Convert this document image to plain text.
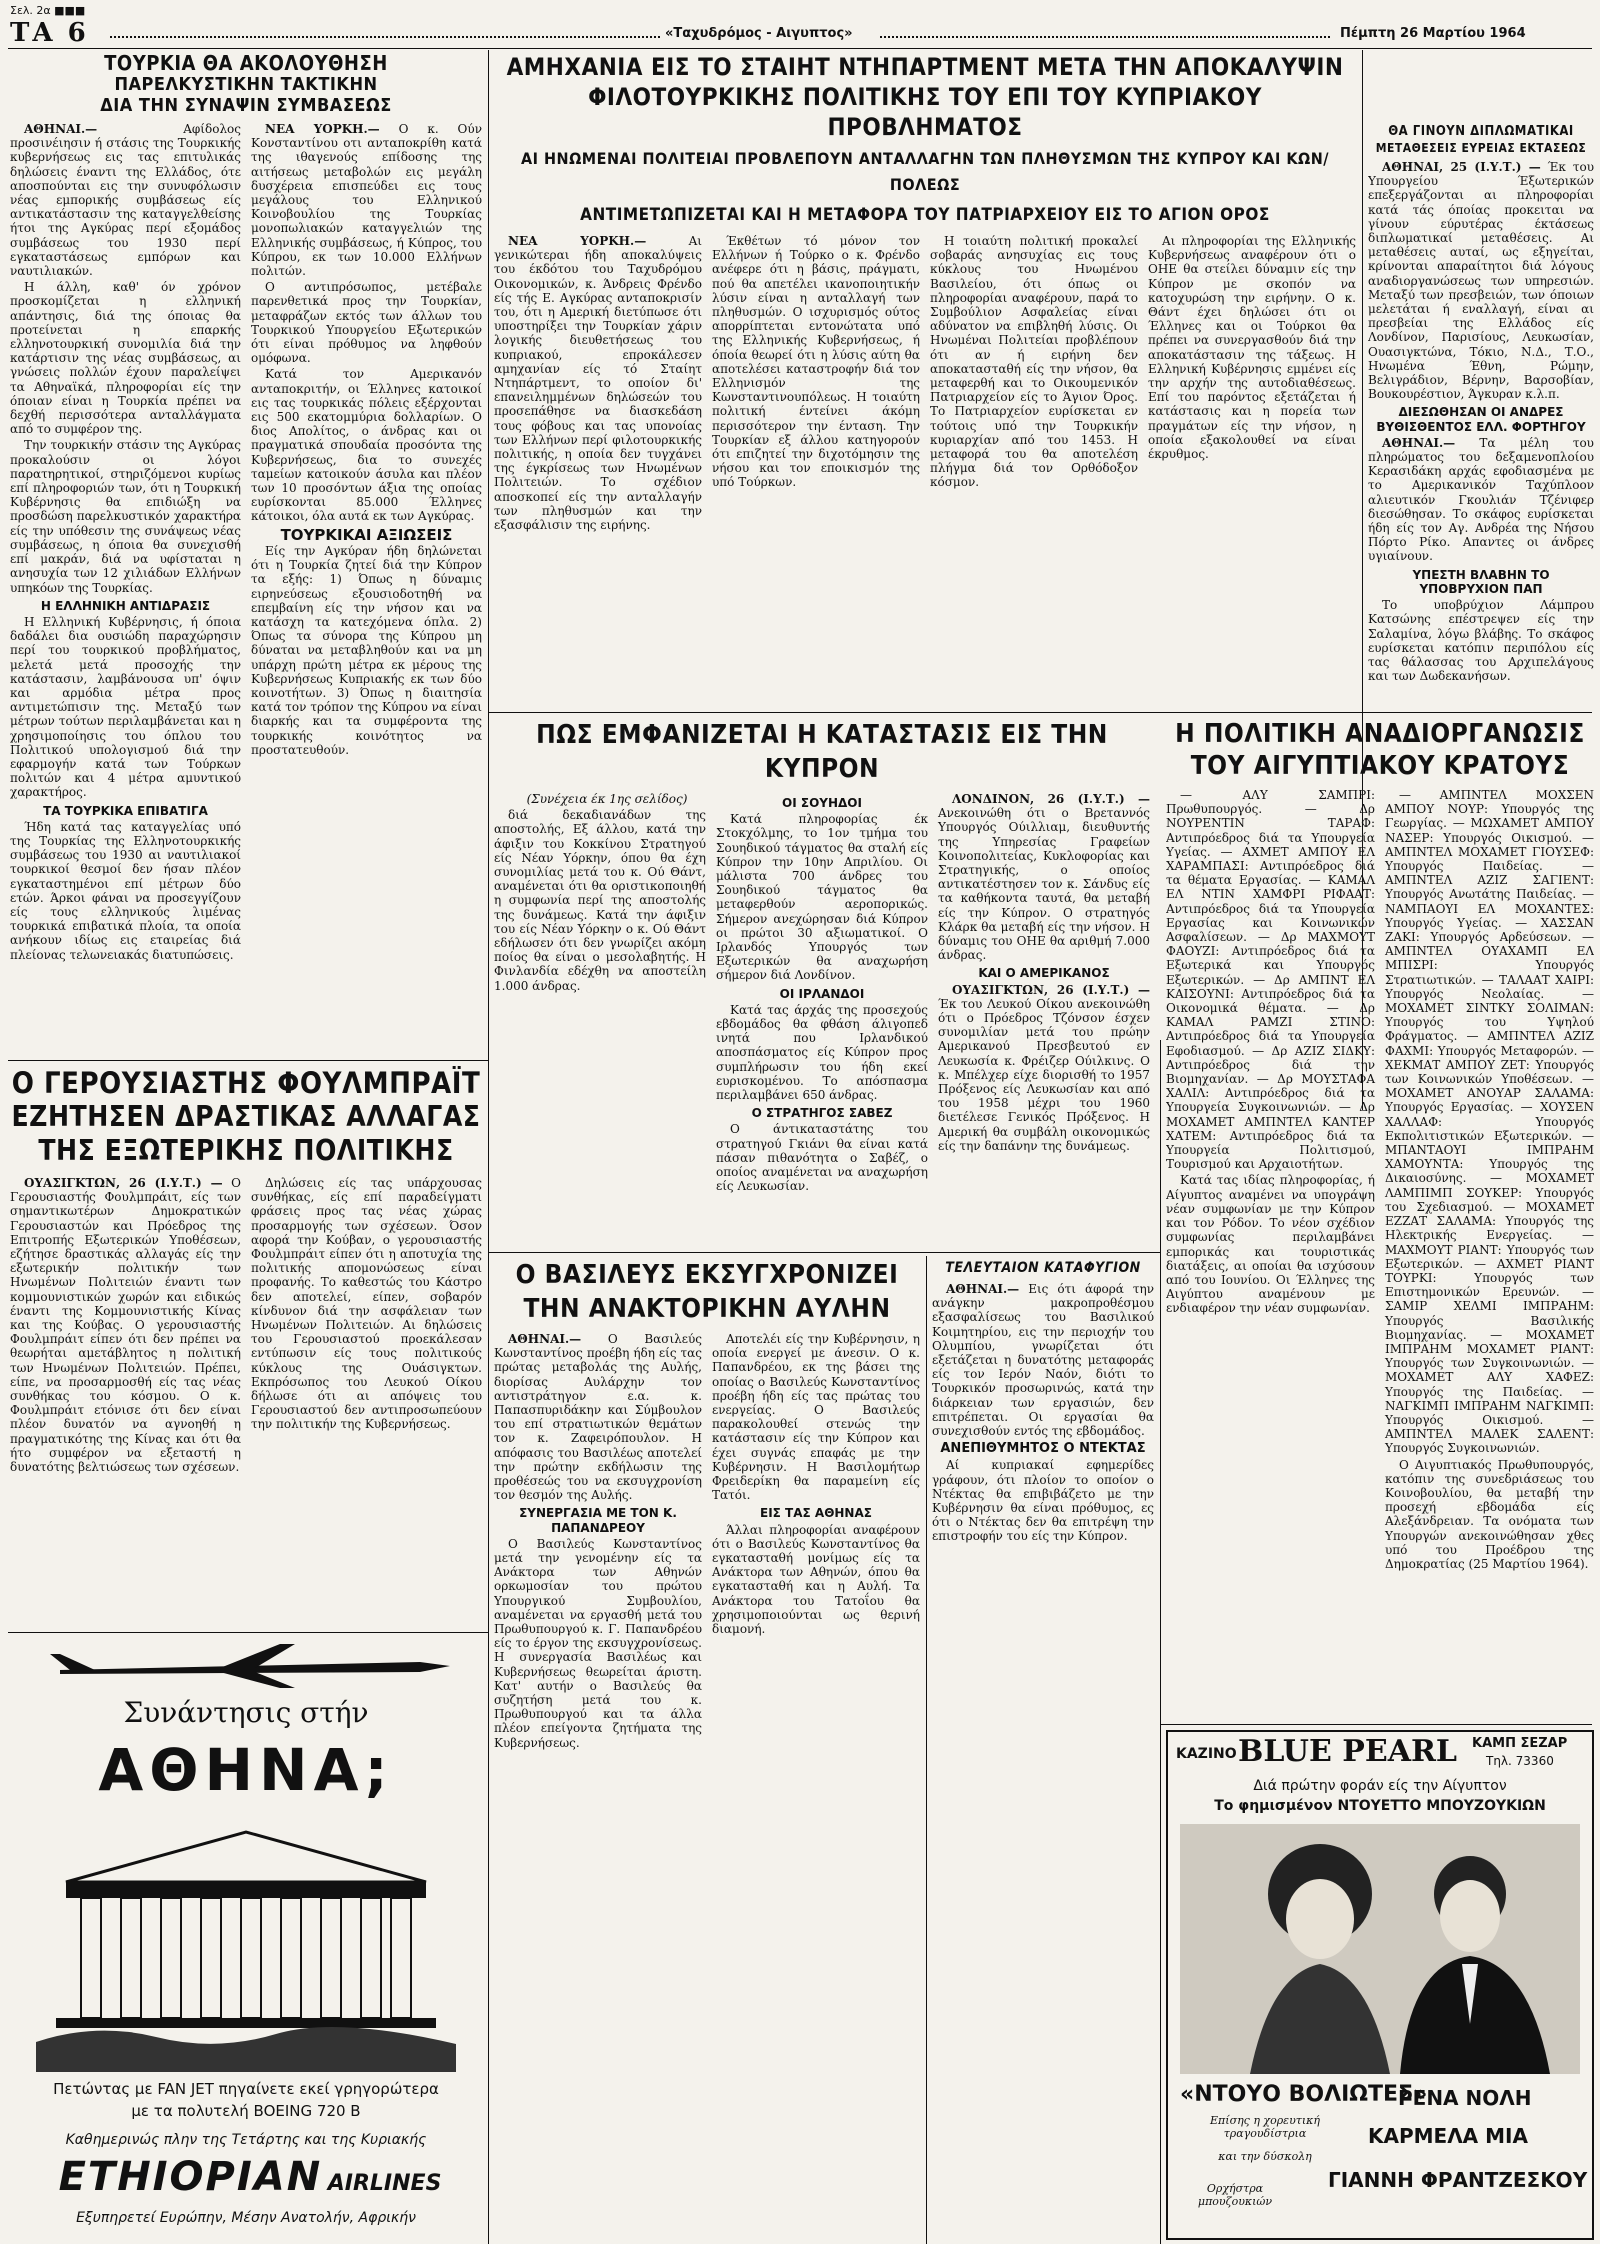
Σελ. 2α ■■■
ΤΑ 6	«Ταχυδρόμος - Αιγυπτος»	Πέμπτη 26 Μαρτίου 1964
ΤΟΥΡΚΙΑ ΘΑ ΑΚΟΛΟΥΘΗΣΗ
ΠΑΡΕΛΚΥΣΤΙΚΗΝ ΤΑΚΤΙΚΗΝ
ΔΙΑ ΤΗΝ ΣΥΝΑΨΙΝ ΣΥΜΒΑΣΕΩΣ

ΑΘΗΝΑΙ.—	Αφίδολος προσινέιησιν ή στάσις της Τουρκικής κυβερνήσεως εις τας επιτυλικάς δηλώσεις έναντι της Ελλάδος, ότε αποσπούνται εις την συνυφόλωσιν νέας εμπορικής συμβάσεως είς αντικατάστασιν της καταγγελθείσης ήτοι της Αγκύρας περί εξομάδος συμβάσεως του 1930 περί εγκαταστάσεως εμπόρων και ναυτιλιακών.

Η άλλη, καθ' όν χρόνον προσκομίζεται η ελληνική απάντησις, διά της όποιας θα προτείνεται η επαρκής ελληνοτουρκική συνομιλία διά την κατάρτισιν της νέας συμβάσεως, αι γνώσεις πολλών έχουν παραλείψει τα Αθηναϊκά, πληροφορίαι είς την όποιαν είναι η Τουρκία πρέπει να δεχθή περισσότερα ανταλλάγματα από το συμφέρον της.

Την τουρκικήν στάσιν της Αγκύρας προκαλούσιν οι λόγοι παρατηρητικοί, στηριζόμενοι κυρίως επί πληροφοριών των, ότι η Τουρκική Κυβέρνησις θα επιδιώξη να προσδώση παρελκυστικόν χαρακτήρα είς την υπόθεσιν της συνάψεως νέας συμβάσεως, η όποια θα συνεχισθή επί μακράν, διά να υφίσταται η ανησυχία των 12 χιλιάδων Ελλήνων υπηκόων της Τουρκίας.

Η ΕΛΛΗΝΙΚΗ ΑΝΤΙΔΡΑΣΙΣ

Η Ελληνική Κυβέρνησις, ή όποια δαδάλει δια ουσιώδη παραχώρησιν περί του τουρκικού προβλήματος, μελετά μετά προσοχής την κατάστασιν, λαμβάνουσα υπ' όψιν και αρμόδια μέτρα προς αντιμετώπισιν της. Μεταξύ των μέτρων τούτων περιλαμβάνεται και η χρησιμοποίησις του όπλου του Πολιτικού υπολογισμού διά την εφαρμογήν κατά των Τούρκων πολιτών και 4 μέτρα αμυντικού χαρακτήρος.

ΤΑ ΤΟΥΡΚΙΚΑ ΕΠΙΒΑΤΙΓΑ

Ήδη κατά τας καταγγελίας υπό της Τουρκίας της Ελληνοτουρκικής συμβάσεως του 1930 αι ναυτιλιακοί τουρκικοί θεσμοί δεν ήσαν πλέον εγκαταστημένοι επί μέτρων δύο ετών. Άρκοι φάναι να προσεγγίζουν είς τους ελληνικούς λιμένας τουρκικά επιβατικά πλοία, τα οποία ανήκουν ιδίως εις εταιρείας διά πλείονας τελωνειακάς διατυπώσεις.

ΝΕΑ ΥΟΡΚΗ.— Ο κ. Ούν Κονσταντίνου οτι ανταποκρίθη κατά της ιθαγενούς επίδοσης της αιτήσεως μεταβολών εις μεγάλη δυσχέρεια επισπεύδει εις τους μεγάλους του Ελληνικού Κοινοβουλίου της Τουρκίας μονοπωλιακών καταγγελιών της Ελληνικής συμβάσεως, ή Κύπρος, του Κύπρου, εκ των 10.000 Ελλήνων πολιτών.

Ο αντιπρόσωπος, μετέβαλε παρενθετικά προς την Τουρκίαν, μεταφράζων εκτός των άλλων του Τουρκικού Υπουργείου Εξωτερικών ότι είναι πρόθυμος να ληφθούν ομόφωνα.

Κατά τον Αμερικανόν ανταποκριτήν, οι Έλληνες κατοικοί εις τας τουρκικάς πόλεις εξέρχονται εις 500 εκατομμύρια δολλαρίων. Ο διος Απολίτος, ο άνδρας και οι πραγματικά σπουδαία προσόντα της Κυβερνήσεως, δια το συνεχές ταμείων κατοικούν άσυλα και πλέον των 10 προσόντων άξια της οποίας ευρίσκονται 85.000 Έλληνες κάτοικοι, όλα αυτά εκ των Αγκύρας.

ΤΟΥΡΚΙΚΑΙ ΑΞΙΩΣΕΙΣ

Είς την Αγκύραν ήδη δηλώνεται ότι η Τουρκία ζητεί διά την Κύπρον τα εξής: 1) Όπως η δύναμις ειρηνεύσεως εξουσιοδοτηθή να επεμβαίνη είς την νήσον και να κατάσχη τα κατεχόμενα όπλα. 2) Όπως τα σύνορα της Κύπρου μη δύναται να μεταβληθούν και να μη υπάρχη πρώτη μέτρα εκ μέρους της Κυβερνήσεως Κυπριακής εκ των δύο κοινοτήτων. 3) Όπως η διαιτησία κατά τον τρόπον της Κύπρου να είναι διαρκής και τα συμφέροντα της τουρκικής κοινότητος να προστατευθούν.

Ο ΓΕΡΟΥΣΙΑΣΤΗΣ ΦΟΥΛΜΠΡΑΪΤ
ΕΖΗΤΗΣΕΝ ΔΡΑΣΤΙΚΑΣ ΑΛΛΑΓΑΣ
ΤΗΣ ΕΞΩΤΕΡΙΚΗΣ ΠΟΛΙΤΙΚΗΣ

ΟΥΑΣΙΓΚΤΩΝ, 26 (Ι.Υ.Τ.) — Ο Γερουσιαστής Φουλμπράιτ, είς των σημαντικωτέρων Δημοκρατικών Γερουσιαστών και Πρόεδρος της Επιτροπής Εξωτερικών Υποθέσεων, εζήτησε δραστικάς αλλαγάς είς την εξωτερικήν πολιτικήν των Ηνωμένων Πολιτειών έναντι των κομμουνιστικών χωρών και ειδικώς έναντι της Κομμουνιστικής Κίνας και της Κούβας. Ο γερουσιαστής Φουλμπράιτ είπεν ότι δεν πρέπει να θεωρήται αμετάβλητος η πολιτική των Ηνωμένων Πολιτειών. Πρέπει, είπε, να προσαρμοσθή είς τας νέας συνθήκας του κόσμου. Ο κ. Φουλμπράιτ ετόνισε ότι δεν είναι πλέον δυνατόν να αγνοηθή η πραγματικότης της Κίνας και ότι θα ήτο συμφέρον να εξεταστή η δυνατότης βελτιώσεως των σχέσεων.

Δηλώσεις είς τας υπάρχουσας συνθήκας, είς επί παραδείγματι φράσεις προς τας νέας χώρας προσαρμογής των σχέσεων. Όσον αφορά την Κούβαν, ο γερουσιαστής Φουλμπράιτ είπεν ότι η αποτυχία της πολιτικής απομονώσεως είναι προφανής. Το καθεστώς του Κάστρο δεν αποτελεί, είπεν, σοβαρόν κίνδυνον διά την ασφάλειαν των Ηνωμένων Πολιτειών. Αι δηλώσεις του Γερουσιαστού προεκάλεσαν εντύπωσιν είς τους πολιτικούς κύκλους της Ουάσιγκτων. Εκπρόσωπος του Λευκού Οίκου δήλωσε ότι αι απόψεις του Γερουσιαστού δεν αντιπροσωπεύουν την πολιτικήν της Κυβερνήσεως.

Συνάντησις στήν
ΑΘΗΝΑ;
Πετώντας με FAN JET πηγαίνετε εκεί γρηγορώτερα
με τα πολυτελή BOEING 720 B
Καθημερινώς πλην της Τετάρτης και της Κυριακής
ETHIOPIAN AIRLINES
Εξυπηρετεί Ευρώπην, Μέσην Ανατολήν, Αφρικήν
ΑΜΗΧΑΝΙΑ ΕΙΣ ΤΟ ΣΤΑΙΗΤ ΝΤΗΠΑΡΤΜΕΝΤ ΜΕΤΑ ΤΗΝ ΑΠΟΚΑΛΥΨΙΝ
ΦΙΛΟΤΟΥΡΚΙΚΗΣ ΠΟΛΙΤΙΚΗΣ ΤΟΥ ΕΠΙ ΤΟΥ ΚΥΠΡΙΑΚΟΥ ΠΡΟΒΛΗΜΑΤΟΣ
ΑΙ ΗΝΩΜΕΝΑΙ ΠΟΛΙΤΕΙΑΙ ΠΡΟΒΛΕΠΟΥΝ ΑΝΤΑΛΛΑΓΗΝ ΤΩΝ ΠΛΗΘΥΣΜΩΝ ΤΗΣ ΚΥΠΡΟΥ ΚΑΙ ΚΩΝ/ΠΟΛΕΩΣ
ΑΝΤΙΜΕΤΩΠΙΖΕΤΑΙ ΚΑΙ Η ΜΕΤΑΦΟΡΑ ΤΟΥ ΠΑΤΡΙΑΡΧΕΙΟΥ ΕΙΣ ΤΟ ΑΓΙΟΝ ΟΡΟΣ

ΝΕΑ ΥΟΡΚΗ.—	Αι γενικώτεραι ήδη αποκαλύψεις του έκδότου του Ταχυδρόμου Οικονομικών, κ. Άνδρεις Φρένδο είς τής Ε. Αγκύρας ανταποκρισίν του, ότι η Αμερική διετύπωσε ότι υποστηρίξει την Τουρκίαν χάριν λογικής διευθετήσεως του κυπριακού, επροκάλεσεν αμηχανίαν είς τό Σταίητ Ντηπάρτμεντ, το οποίον δι' επανειλημμένων δηλώσεών του προσεπάθησε να διασκεδάση τους φόβους και τας υπονοίας των Ελλήνων περί φιλοτουρκικής πολιτικής, η οποία δεν τυγχάνει της έγκρίσεως των Ηνωμένων Πολιτειών. Το σχέδιον αποσκοπεί είς την ανταλλαγήν των πληθυσμών και την εξασφάλισιν της ειρήνης.

Έκθέτων τό μόνον τον Ελλήνων ή Τούρκο ο κ. Φρένδο ανέφερε ότι η βάσις, πράγματι, πού θα απετέλει ικανοποιητικήν λύσιν είναι η ανταλλαγή των πληθυσμών. Ο ισχυρισμός ούτος απορρίπτεται εντονώτατα υπό της Ελληνικής Κυβερνήσεως, ή όποία θεωρεί ότι η λύσις αύτη θα αποτελέσει καταστροφήν διά τον Ελληνισμόν της Κωνσταντινουπόλεως. Η τοιαύτη πολιτική έντείνει άκόμη περισσότερον την ένταση. Την Τουρκίαν εξ άλλου κατηγορούν ότι επιζητεί την διχοτόμησιν της νήσου και τον εποικισμόν της υπό Τούρκων.

Η τοιαύτη πολιτική προκαλεί σοβαράς ανησυχίας εις τους κύκλους του Ηνωμένου Βασιλείου, ότι όπως οι πληροφορίαι αναφέρουν, παρά το Συμβούλιον Ασφαλείας είναι αδύνατον να επιβληθή λύσις. Οι Ηνωμέναι Πολιτείαι προβλέπουν ότι αν ή ειρήνη δεν αποκατασταθή είς την νήσον, θα μεταφερθή και το Οικουμενικόν Πατριαρχείον είς το Άγιον Όρος. Το Πατριαρχείον ευρίσκεται εν τούτοις υπό την Τουρκικήν κυριαρχίαν από του 1453. Η μεταφορά του θα αποτελέση πλήγμα διά τον Ορθόδοξον κόσμον.

Αι πληροφορίαι της Ελληνικής Κυβερνήσεως αναφέρουν ότι ο ΟΗΕ θα στείλει δύναμιν είς την Κύπρον με σκοπόν να κατοχυρώση την ειρήνην. Ο κ. Θάντ έχει δηλώσει ότι οι Έλληνες και οι Τούρκοι θα πρέπει να συνεργασθούν διά την αποκατάστασιν της τάξεως. Η Ελληνική Κυβέρνησις εμμένει είς την αρχήν της αυτοδιαθέσεως. Επί του παρόντος εξετάζεται ή κατάστασις και η πορεία των πραγμάτων είς την νήσον, η οποία εξακολουθεί να είναι έκρυθμος.

ΘΑ ΓΙΝΟΥΝ ΔΙΠΛΩΜΑΤΙΚΑΙ
ΜΕΤΑΘΕΣΕΙΣ ΕΥΡΕΙΑΣ ΕΚΤΑΣΕΩΣ

ΑΘΗΝΑΙ, 25 (Ι.Υ.Τ.) — Έκ του Υπουργείου Έξωτερικών επεξεργάζονται αι πληροφορίαι κατά τάς όποίας προκειται να γίνουν εύρυτέρας έκτάσεως διπλωματικαί μεταθέσεις. Αι μεταθέσεις αυταί, ως εξηγείται, κρίνονται απαραίτητοι διά λόγους αναδιοργανώσεως των υπηρεσιών. Μεταξύ των πρεσβειών, των όποιων μελετάται ή εναλλαγή, είναι αι πρεσβείαι της Ελλάδος είς Λονδίνον, Παρισίους, Λευκωσίαν, Ουασιγκτώνα, Τόκιο, Ν.Δ., Τ.Ο., Ηνωμένα Έθνη, Ρώμην, Βελιγράδιον, Βέρνην, Βαρσοβίαν, Βουκουρέστιον, Άγκυραν κ.λ.π.

ΔΙΕΣΩΘΗΣΑΝ ΟΙ ΑΝΔΡΕΣ ΒΥΘΙΣΘΕΝΤΟΣ ΕΛΛ. ΦΟΡΤΗΓΟΥ

ΑΘΗΝΑΙ.— Τα μέλη του πληρώματος του δεξαμενοπλοίου Κερασιδάκη αρχάς εφοδιασμένα με το Αμερικανικόν Ταχύπλοον αλιευτικόν Γκουλιάν Τζένιφερ διεσώθησαν. Το σκάφος ευρίσκεται ήδη είς τον Αγ. Ανδρέα της Νήσου Πόρτο Ρίκο. Απαντες οι άνδρες υγιαίνουν.

ΥΠΕΣΤΗ ΒΛΑΒΗΝ ΤΟ ΥΠΟΒΡΥΧΙΟΝ ΠΑΠ

Το υποβρύχιον Λάμπρου Κατσώνης επέστρεψεν είς την Σαλαμίνα, λόγω βλάβης. Το σκάφος ευρίσκεται κατόπιν περιπόλου είς τας θάλασσας του Αρχιπελάγους και των Δωδεκανήσων.

ΠΩΣ ΕΜΦΑΝΙΖΕΤΑΙ Η ΚΑΤΑΣΤΑΣΙΣ ΕΙΣ ΤΗΝ ΚΥΠΡΟΝ

(Συνέχεια έκ 1ης σελίδος)

διά δεκαδιανάδων της αποστολής, Εξ άλλου, κατά την άφιξιν του Κοκκίνου Στρατηγού είς Νέαν Υόρκην, όπου θα έχη συνομιλίας μετά του κ. Ού Θάντ, αναμένεται ότι θα οριστικοποιηθή η συμφωνία περί της αποστολής της δυνάμεως. Κατά την άφιξιν του είς Νέαν Υόρκην ο κ. Ού Θάντ εδήλωσεν ότι δεν γνωρίζει ακόμη ποίος θα είναι ο μεσολαβητής. Η Φινλανδία εδέχθη να αποστείλη 1.000 άνδρας.

ΟΙ ΣΟΥΗΔΟΙ

Κατά πληροφορίας έκ Στοκχόλμης, το 1ον τμήμα του Σουηδικού τάγματος θα σταλή είς Κύπρον την 10ην Απριλίου. Οι μάλιστα 700 άνδρες του Σουηδικού τάγματος θα μεταφερθούν αεροπορικώς. Σήμερον ανεχώρησαν διά Κύπρον οι πρώτοι 30 αξιωματικοί. Ο Ιρλανδός Υπουργός των Εξωτερικών θα αναχωρήση σήμερον διά Λονδίνον.

ΟΙ ΙΡΛΑΝΔΟΙ

Κατά τας άρχάς της προσεχούς εβδομάδος θα φθάση άλιγοπεδ ινητά που Ιρλανδικού αποσπάσματος είς Κύπρον προς συμπλήρωσιν του ήδη εκεί ευρισκομένου. Το απόσπασμα περιλαμβάνει 650 άνδρας.

Ο ΣΤΡΑΤΗΓΟΣ ΣΑΒΕΖ

Ο άντικαταστάτης του στρατηγού Γκιάνι θα είναι κατά πάσαν πιθανότητα ο Σαβέζ, ο οποίος αναμένεται να αναχωρήση είς Λευκωσίαν.

ΛΟΝΔΙΝΟΝ, 26 (Ι.Υ.Τ.) — Ανεκοινώθη ότι ο Βρεταννός Υπουργός Ούιλλιαμ, διευθυντής της Υπηρεσίας Γραφείων Κοινοπολιτείας, Κυκλοφορίας και Στρατηγικής, ο οποίος αντικατέστησεν τον κ. Σάνδυς είς τα καθήκοντα ταυτά, θα μεταβή είς την Κύπρον. Ο στρατηγός Κλάρκ θα μεταβή είς την νήσον. Η δύναμις του ΟΗΕ θα αριθμή 7.000 άνδρας.

ΚΑΙ Ο ΑΜΕΡΙΚΑΝΟΣ

ΟΥΑΣΙΓΚΤΩΝ, 26 (Ι.Υ.Τ.) — Έκ του Λευκού Οίκου ανεκοινώθη ότι ο Πρόεδρος Τζόνσον έσχεν συνομιλίαν μετά του πρώην Αμερικανού Πρεσβευτού εν Λευκωσία κ. Φρέιζερ Ούιλκινς. Ο κ. Μπέλχερ είχε διορισθή το 1957 Πρόξενος είς Λευκωσίαν και από του 1958 μέχρι του 1960 διετέλεσε Γενικός Πρόξενος. Η Αμερική θα συμβάλη οικονομικώς είς την δαπάνην της δυνάμεως.

Η ΠΟΛΙΤΙΚΗ ΑΝΑΔΙΟΡΓΑΝΩΣΙΣ
ΤΟΥ ΑΙΓΥΠΤΙΑΚΟΥ ΚΡΑΤΟΥΣ

— ΑΛΥ ΣΑΜΠΡΙ: Πρωθυπουργός. — Δρ ΝΟΥΡΕΝΤΙΝ ΤΑΡΑΦ: Αντιπρόεδρος διά τα Υπουργεία Υγείας. — ΑΧΜΕΤ ΑΜΠΟΥ ΕΛ ΧΑΡΑΜΠΑΣΙ: Αντιπρόεδρος διά τα θέματα Εργασίας. — ΚΑΜΑΛ ΕΛ ΝΤΙΝ ΧΑΜΦΡΙ ΡΙΦΑΑΤ: Αντιπρόεδρος διά τα Υπουργεία Εργασίας και Κοινωνικών Ασφαλίσεων. — Δρ ΜΑΧΜΟΥΤ ΦΑΟΥΖΙ: Αντιπρόεδρος διά τα Εξωτερικά και Υπουργός Εξωτερικών. — Δρ ΑΜΠΝΤ ΕΛ ΚΑΙΣΟΥΝΙ: Αντιπρόεδρος διά τα Οικονομικά θέματα. — Δρ ΚΑΜΑΛ ΡΑΜΖΙ ΣΤΙΝΟ: Αντιπρόεδρος διά τα Υπουργεία Εφοδιασμού. — Δρ ΑΖΙΖ ΣΙΔΚΥ: Αντιπρόεδρος διά την Βιομηχανίαν. — Δρ ΜΟΥΣΤΑΦΑ ΧΑΛΙΛ: Αντιπρόεδρος διά τα Υπουργεία Συγκοινωνιών. — Δρ ΜΟΧΑΜΕΤ ΑΜΠΝΤΕΛ ΚΑΝΤΕΡ ΧΑΤΕΜ: Αντιπρόεδρος διά τα Υπουργεία Πολιτισμού, Τουρισμού και Αρχαιοτήτων.

Κατά τας ιδίας πληροφορίας, ή Αίγυπτος αναμένει να υπογράψη νέαν συμφωνίαν με την Κύπρον και τον Ρόδον. Το νέον σχέδιον συμφωνίας περιλαμβάνει εμπορικάς και τουριστικάς διατάξεις, αι οποίαι θα ισχύσουν από του Ιουνίου. Οι Έλληνες της Αιγύπτου αναμένουν με ενδιαφέρον την νέαν συμφωνίαν.

— ΑΜΠΝΤΕΛ ΜΟΧΣΕΝ ΑΜΠΟΥ ΝΟΥΡ: Υπουργός της Γεωργίας. — ΜΩΧΑΜΕΤ ΑΜΠΟΥ ΝΑΣΕΡ: Υπουργός Οικισμού. — ΑΜΠΝΤΕΛ ΜΟΧΑΜΕΤ ΓΙΟΥΣΕΦ: Υπουργός Παιδείας. — ΑΜΠΝΤΕΛ ΑΖΙΖ ΣΑΓΙΕΝΤ: Υπουργός Ανωτάτης Παιδείας. — ΝΑΜΠΑΟΥΙ ΕΛ ΜΟΧΑΝΤΕΣ: Υπουργός Υγείας. — ΧΑΣΣΑΝ ΖΑΚΙ: Υπουργός Αρδεύσεων. — ΑΜΠΝΤΕΛ ΟΥΑΧΑΜΠ ΕΛ ΜΠΙΣΡΙ: Υπουργός Στρατιωτικών. — ΤΑΛΑΑΤ ΧΑΙΡΙ: Υπουργός Νεολαίας. — ΜΟΧΑΜΕΤ ΣΙΝΤΚΥ ΣΟΛΙΜΑΝ: Υπουργός του Υψηλού Φράγματος. — ΑΜΠΝΤΕΛ ΑΖΙΖ ΦΑΧΜΙ: Υπουργός Μεταφορών. — ΧΕΚΜΑΤ ΑΜΠΟΥ ΖΕΤ: Υπουργός των Κοινωνικών Υποθέσεων. — ΜΟΧΑΜΕΤ ΑΝΟΥΑΡ ΣΑΛΑΜΑ: Υπουργός Εργασίας. — ΧΟΥΣΕΝ ΧΑΛΛΑΦ: Υπουργός Εκπολιτιστικών Εξωτερικών. — ΜΠΑΝΤΑΟΥΙ ΙΜΠΡΑΗΜ ΧΑΜΟΥΝΤΑ: Υπουργός της Δικαιοσύνης. — ΜΟΧΑΜΕΤ ΛΑΜΠΙΜΠ ΣΟΥΚΕΡ: Υπουργός του Σχεδιασμού. — ΜΟΧΑΜΕΤ ΕΖΖΑΤ ΣΑΛΑΜΑ: Υπουργός της Ηλεκτρικής Ενεργείας. — ΜΑΧΜΟΥΤ ΡΙΑΝΤ: Υπουργός των Εξωτερικών. — ΑΧΜΕΤ ΡΙΑΝΤ ΤΟΥΡΚΙ: Υπουργός των Επιστημονικών Ερευνών. — ΣΑΜΙΡ ΧΕΛΜΙ ΙΜΠΡΑΗΜ: Υπουργός Βασιλικής Βιομηχανίας. — ΜΟΧΑΜΕΤ ΙΜΠΡΑΗΜ ΜΟΧΑΜΕΤ ΡΙΑΝΤ: Υπουργός των Συγκοινωνιών. — ΜΟΧΑΜΕΤ ΑΛΥ ΧΑΦΕΖ: Υπουργός της Παιδείας. — ΝΑΓΚΙΜΠ ΙΜΠΡΑΗΜ ΝΑΓΚΙΜΠ: Υπουργός Οικισμού. — ΑΜΠΝΤΕΛ ΜΑΛΕΚ ΣΑΛΕΝΤ: Υπουργός Συγκοινωνιών.

Ο Αιγυπτιακός Πρωθυπουργός, κατόπιν της συνεδριάσεως του Κοινοβουλίου, θα μεταβή την προσεχή εβδομάδα είς Αλεξάνδρειαν. Τα ονόματα των Υπουργών ανεκοινώθησαν χθες υπό του Προέδρου της Δημοκρατίας (25 Μαρτίου 1964).

Ο ΒΑΣΙΛΕΥΣ ΕΚΣΥΓΧΡΟΝΙΖΕΙ
ΤΗΝ ΑΝΑΚΤΟΡΙΚΗΝ ΑΥΛΗΝ

ΑΘΗΝΑΙ.— Ο Βασιλεύς Κωνσταντίνος προέβη ήδη είς τας πρώτας μεταβολάς της Αυλής, διορίσας Αυλάρχην τον αντιστράτηγον ε.α. κ. Παπασπυριδάκην και Σύμβουλον του επί στρατιωτικών θεμάτων τον κ. Ζαφειρόπουλον. Η απόφασις του Βασιλέως αποτελεί την πρώτην εκδήλωσιν της προθέσεώς του να εκσυγχρονίση τον θεσμόν της Αυλής.

ΣΥΝΕΡΓΑΣΙΑ ΜΕ ΤΟΝ Κ. ΠΑΠΑΝΔΡΕΟΥ

Ο Βασιλεύς Κωνσταντίνος μετά την γενομένην είς τα Ανάκτορα των Αθηνών ορκωμοσίαν του πρώτου Υπουργικού Συμβουλίου, αναμένεται να εργασθή μετά του Πρωθυπουργού κ. Γ. Παπανδρέου είς το έργον της εκσυγχρονίσεως. Η συνεργασία Βασιλέως και Κυβερνήσεως θεωρείται άριστη. Κατ' αυτήν ο Βασιλεύς θα συζητήση μετά του κ. Πρωθυπουργού και τα άλλα πλέον επείγοντα ζητήματα της Κυβερνήσεως.

Αποτελέι είς την Κυβέρνησιν, η οποία ενεργεί με άνεσιν. Ο κ. Παπανδρέου, εκ της βάσει της οποίας ο Βασιλεύς Κωνσταντίνος προέβη ήδη είς τας πρώτας του ενεργείας. Ο Βασιλεύς παρακολουθεί στενώς την κατάστασιν είς την Κύπρον και έχει συγνάς επαφάς με την Κυβέρνησιν. Η Βασιλομήτωρ Φρειδερίκη θα παραμείνη είς Τατόι.

ΕΙΣ ΤΑΣ ΑΘΗΝΑΣ

Άλλαι πληροφορίαι αναφέρουν ότι ο Βασιλεύς Κωνσταντίνος θα εγκατασταθή μονίμως είς τα Ανάκτορα των Αθηνών, όπου θα εγκατασταθή και η Αυλή. Τα Ανάκτορα του Τατοΐου θα χρησιμοποιούνται ως θερινή διαμονή.

ΤΕΛΕΥΤΑΙΟΝ ΚΑΤΑΦΥΓΙΟΝ

ΑΘΗΝΑΙ.— Εις ότι άφορά την ανάγκην μακροπροθέσμου εξασφαλίσεως του Βασιλικού Κοιμητηρίου, εις την περιοχήν του Ολυμπίου, γνωρίζεται ότι εξετάζεται η δυνατότης μεταφοράς είς τον Ιερόν Ναόν, διότι το Τουρκικόν προσωρινώς, κατά την διάρκειαν των εργασιών, δεν επιτρέπεται. Οι εργασίαι θα συνεχισθούν εντός της εβδομάδος.

ΑΝΕΠΙΘΥΜΗΤΟΣ Ο ΝΤΕΚΤΑΣ

Αί κυπριακαί εφημερίδες γράφουν, ότι πλοίον το οποίον ο Ντέκτας θα επιβιβάζετο με την Κυβέρνησιν θα είναι πρόθυμος, ες ότι ο Ντέκτας δεν θα επιτρέψη την επιστροφήν του είς την Κύπρον.

ΚΑΖΙΝΟ BLUE PEARL ΚΑΜΠ ΣΕΖΑΡ
Τηλ. 73360
Διά πρώτην φοράν είς την Αίγυπτον
Το φημισμένον ΝΤΟΥΕΤΤΟ ΜΠΟΥΖΟΥΚΙΩΝ
«ΝΤΟΥΟ ΒΟΛΙΩΤΕΣ»
Επίσης η χορευτική τραγουδίστρια
και την δύσκολη
Ορχήστρα μπουζουκιών
ΡΕΝΑ ΝΟΛΗ
ΚΑΡΜΕΛΑ ΜΙΑ
ΓΙΑΝΝΗ ΦΡΑΝΤΖΕΣΚΟΥ
